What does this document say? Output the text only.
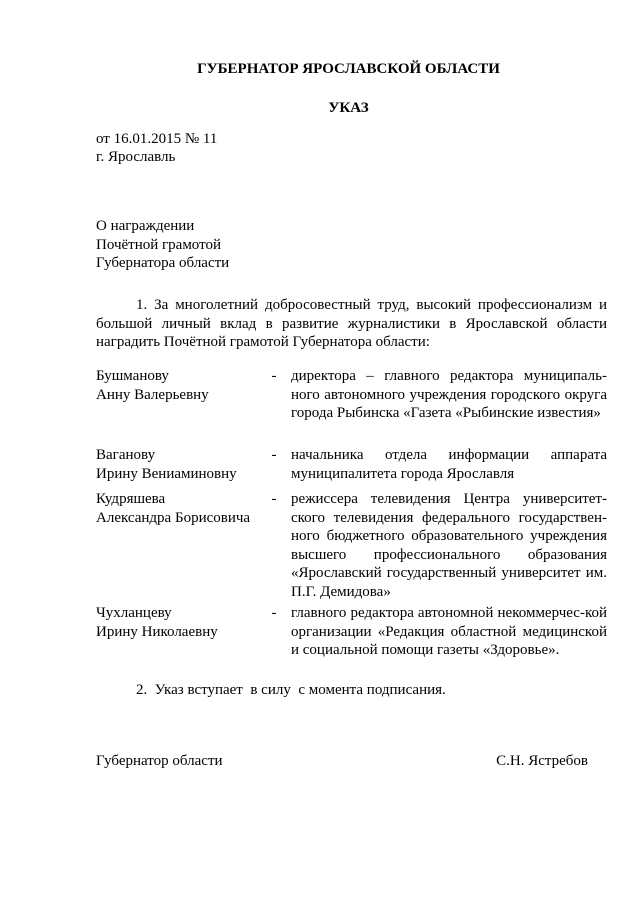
ГУБЕРНАТОР ЯРОСЛАВСКОЙ ОБЛАСТИ
УКАЗ
от 16.01.2015 № 11
г. Ярославль
О награждении
Почётной грамотой
Губернатора области
1. За многолетний добросовестный труд, высокий профессионализм и большой личный вклад в развитие журналистики в Ярославской области наградить Почётной грамотой Губернатора области:
Бушманову
Анну Валерьевну
- директора – главного редактора муниципаль-ного автономного учреждения городского округа города Рыбинска «Газета «Рыбинские известия»
Ваганову
Ирину Вениаминовну
- начальника отдела информации аппарата муниципалитета города Ярославля
Кудряшева
Александра Борисовича
- режиссера телевидения Центра университет-ского телевидения федерального государствен-ного бюджетного образовательного учреждения высшего профессионального образования «Ярославский государственный университет им. П.Г. Демидова»
Чухланцеву
Ирину Николаевну
- главного редактора автономной некоммерчес-кой организации «Редакция областной медицинской и социальной помощи газеты «Здоровье».
2.  Указ вступает  в силу  с момента подписания.
Губернатор области	С.Н. Ястребов
